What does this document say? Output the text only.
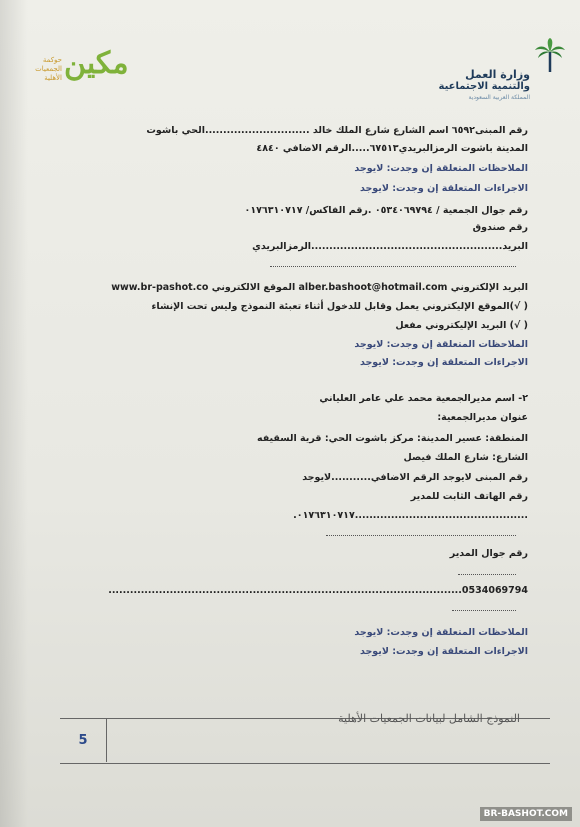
وزارة العمل
والتنمية الاجتماعية
المملكة العربية السعودية
مكين
حوكمة الجمعيات الأهلية
رقم المبنى٦٥٩٢ اسم الشارع شارع الملك خالد .............................الحي باشوت
المدينة باشوت الرمزالبريدي٦٧٥١٣.....الرقم الاضافي ٤٨٤٠
الملاحظات المتعلقة إن وجدت: لايوجد
الاجراءات المتعلقة إن وجدت: لايوجد
رقم جوال الجمعية / ٠٥٣٤٠٦٩٧٩٤ .رقم الفاكس/ ٠١٧٦٣١٠٧١٧
رقم صندوق
البريد.....................................................الرمزالبريدي
البريد الإلكتروني alber.bashoot@hotmail.com الموقع الالكتروني www.br-pashot.co
( √)الموقع الإليكتروني يعمل وقابل للدخول أثناء تعبئة النموذج وليس تحت الإنشاء
( √) البريد الإليكتروني مفعل
الملاحظات المتعلقة إن وجدت: لايوجد
الاجراءات المتعلقة إن وجدت: لايوجد
٢- اسم مديرالجمعية محمد علي عامر العلياني
عنوان مديرالجمعية:
المنطقة: عسير المدينة: مركز باشوت الحي: قرية السقيفه
الشارع: شارع الملك فيصل
رقم المبنى لايوجد الرقم الاضافي...........لايوجد
رقم الهاتف الثابت للمدير
................................................٠١٧٦٣١٠٧١٧.
رقم جوال المدير
0534069794..................................................................................................
الملاحظات المتعلقة إن وجدت: لايوجد
الاجراءات المتعلقة إن وجدت: لايوجد
5
النموذج الشامل لبيانات الجمعيات الأهلية
BR-BASHOT.COM
